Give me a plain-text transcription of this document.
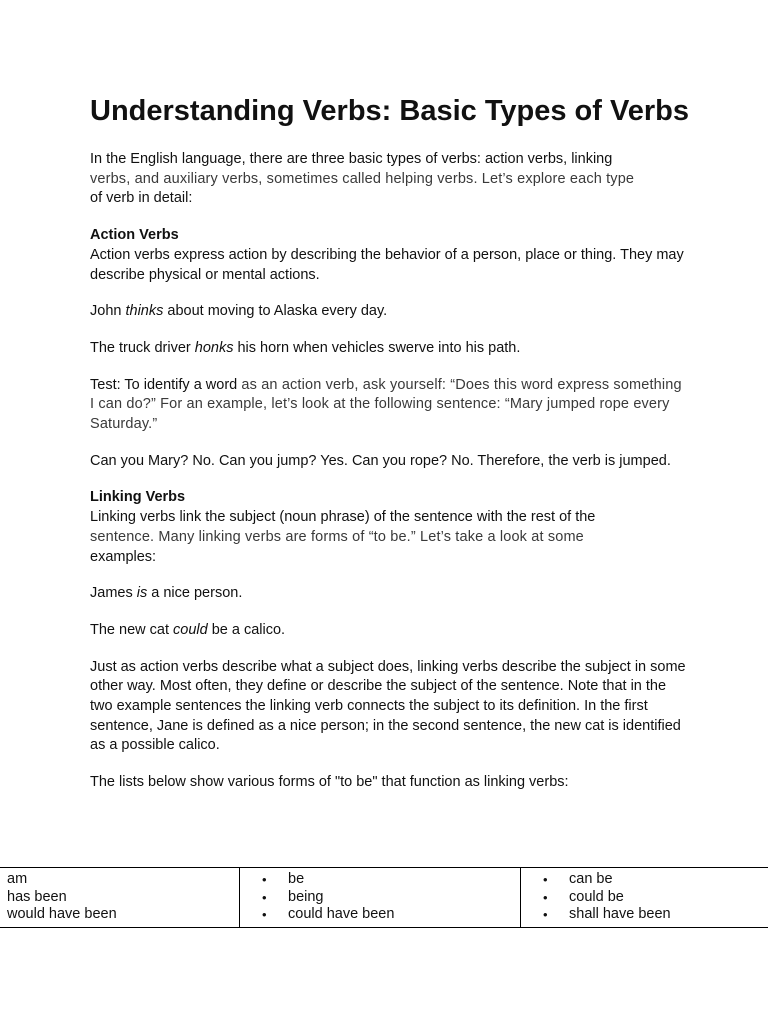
Understanding Verbs: Basic Types of Verbs

In the English language, there are three basic types of verbs: action verbs, linking
verbs, and auxiliary verbs, sometimes called helping verbs. Let’s explore each type
of verb in detail:

Action Verbs
Action verbs express action by describing the behavior of a person, place or thing. They may describe physical or mental actions.

John thinks about moving to Alaska every day.

The truck driver honks his horn when vehicles swerve into his path.

Test: To identify a word as an action verb, ask yourself: “Does this word express something I can do?” For an example, let’s look at the following sentence: “Mary jumped rope every Saturday.”

Can you Mary? No. Can you jump? Yes. Can you rope? No. Therefore, the verb is jumped.

Linking Verbs
Linking verbs link the subject (noun phrase) of the sentence with the rest of the
sentence. Many linking verbs are forms of “to be.” Let’s take a look at some
examples:

James is a nice person.

The new cat could be a calico.

Just as action verbs describe what a subject does, linking verbs describe the subject in some other way. Most often, they define or describe the subject of the sentence. Note that in the two example sentences the linking verb connects the subject to its definition. In the first sentence, Jane is defined as a nice person; in the second sentence, the new cat is identified as a possible calico.

The lists below show various forms of "to be" that function as linking verbs:

am
has been
would have been

• be
• being
• could have been

• can be
• could be
• shall have been
